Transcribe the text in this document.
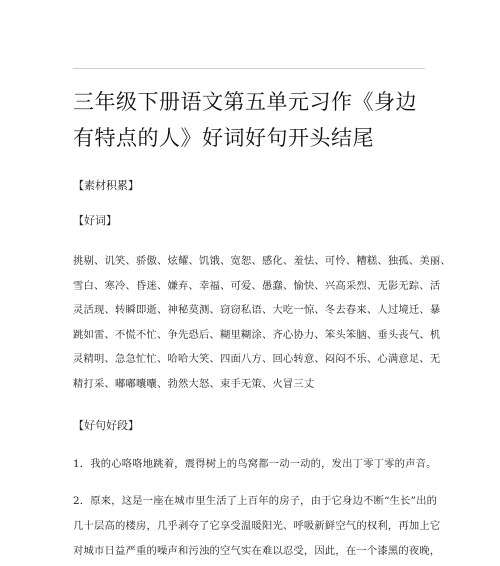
三年级下册语文第五单元习作《身边
有特点的人》好词好句开头结尾
【素材积累】
【好词】
挑剔、讥笑、骄傲、炫耀、饥饿、宽恕、感化、羞怯、可怜、糟糕、独孤、美丽、
雪白、寒冷、昏迷、嫌弃、幸福、可爱、愚蠢、愉快、兴高采烈、无影无踪、活
灵活现、转瞬即逝、神秘莫测、窃窃私语、大吃一惊、冬去春来、人过境迁、暴
跳如雷、不慌不忙、争先恐后、糊里糊涂、齐心协力、笨头笨脑、垂头丧气、机
灵精明、急急忙忙、哈哈大笑、四面八方、回心转意、闷闷不乐、心满意足、无
精打采、嘟嘟囔囔、勃然大怒、束手无策、火冒三丈
【好句好段】
1．我的心咯咯地跳着，震得树上的鸟窝都一动一动的，发出丁零丁零的声音。
2．原来，这是一座在城市里生活了上百年的房子，由于它身边不断“生长”出的
几十层高的楼房，几乎剥夺了它享受温暖阳光、呼吸新鲜空气的权利，再加上它
对城市日益严重的噪声和污浊的空气实在难以忍受，因此，在一个漆黑的夜晚，
